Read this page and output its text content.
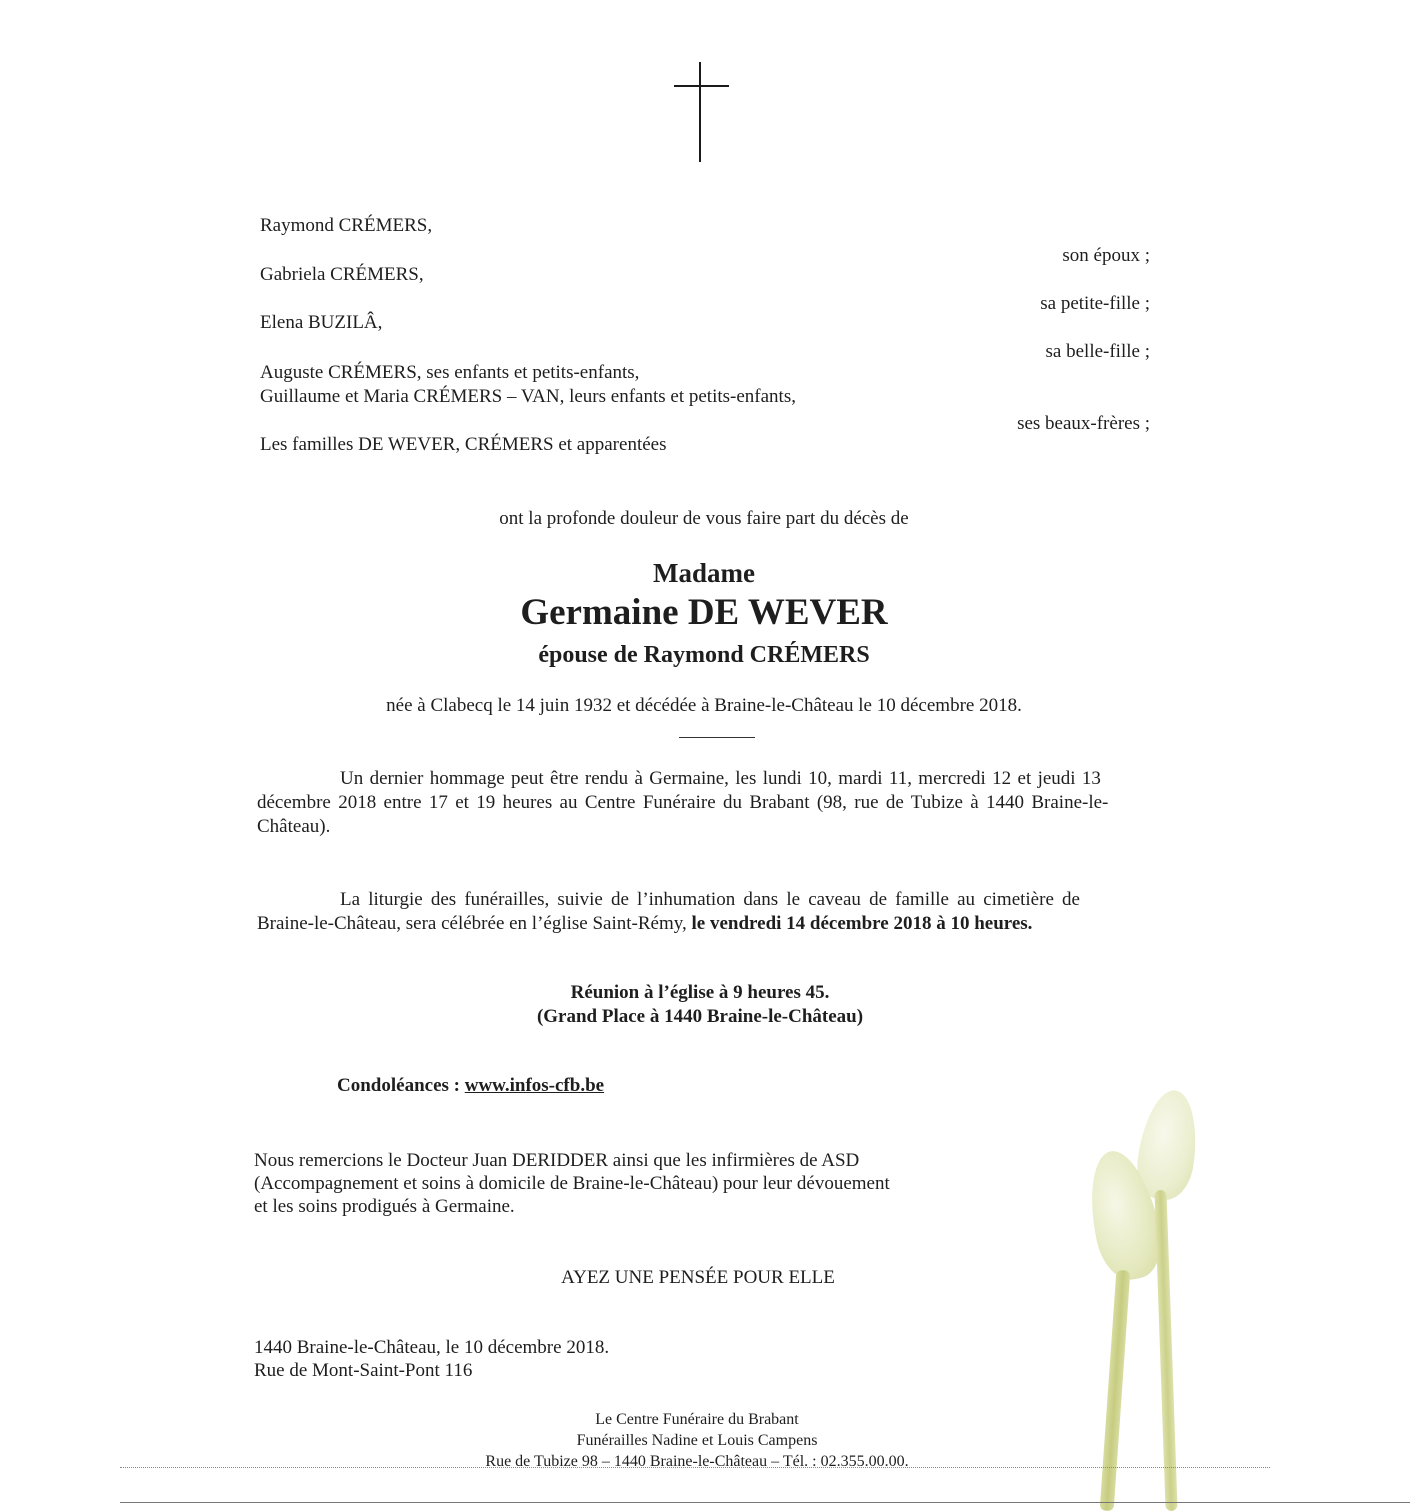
Raymond CRÉMERS,
Gabriela CRÉMERS,
Elena BUZILÂ,
Auguste CRÉMERS, ses enfants et petits-enfants,
Guillaume et Maria CRÉMERS – VAN, leurs enfants et petits-enfants,
Les familles DE WEVER, CRÉMERS et apparentées
son époux ;
sa petite-fille ;
sa belle-fille ;
ses beaux-frères ;
ont la profonde douleur de vous faire part du décès de
Madame
Germaine DE WEVER
épouse de Raymond CRÉMERS
née à Clabecq le 14 juin 1932 et décédée à Braine-le-Château le 10 décembre 2018.
Un dernier hommage peut être rendu à Germaine, les lundi 10, mardi 11, mercredi 12 et jeudi 13
décembre 2018 entre 17 et 19 heures au Centre Funéraire du Brabant (98, rue de Tubize à 1440 Braine-le-
Château).
La liturgie des funérailles, suivie de l’inhumation dans le caveau de famille au cimetière de
Braine-le-Château, sera célébrée en l’église Saint-Rémy, le vendredi 14 décembre 2018 à 10 heures.
Réunion à l’église à 9 heures 45.
(Grand Place à 1440 Braine-le-Château)
Condoléances : www.infos-cfb.be
Nous remercions le Docteur Juan DERIDDER ainsi que les infirmières de ASD
(Accompagnement et soins à domicile de Braine-le-Château) pour leur dévouement
et les soins prodigués à Germaine.
AYEZ UNE PENSÉE POUR ELLE
1440 Braine-le-Château, le 10 décembre 2018.
Rue de Mont-Saint-Pont 116
Le Centre Funéraire du Brabant
Funérailles Nadine et Louis Campens
Rue de Tubize 98 – 1440 Braine-le-Château – Tél. : 02.355.00.00.
